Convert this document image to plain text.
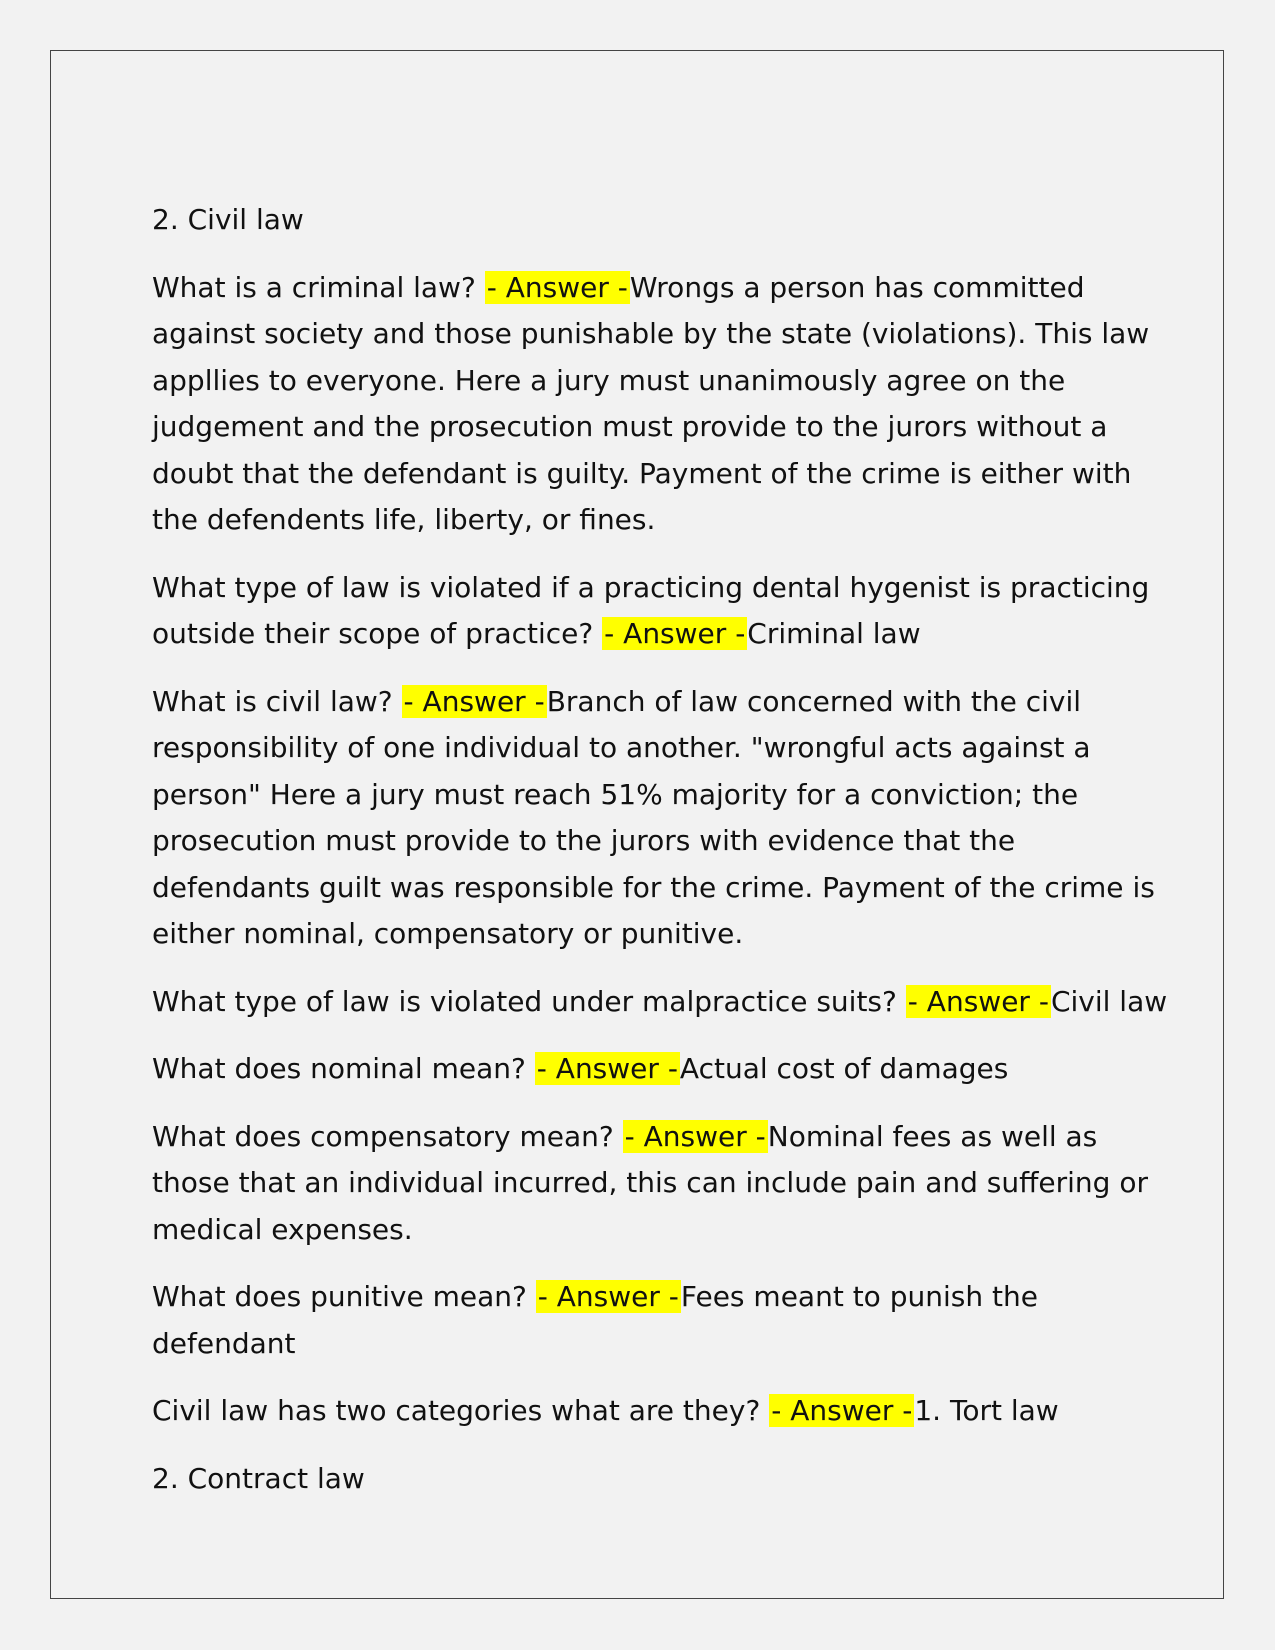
2. Civil law

What is a criminal law? - Answer -Wrongs a person has committed against society and those punishable by the state (violations). This law appllies to everyone. Here a jury must unanimously agree on the judgement and the prosecution must provide to the jurors without a doubt that the defendant is guilty. Payment of the crime is either with the defendents life, liberty, or fines.

What type of law is violated if a practicing dental hygenist is practicing outside their scope of practice? - Answer -Criminal law

What is civil law? - Answer -Branch of law concerned with the civil responsibility of one individual to another. "wrongful acts against a person" Here a jury must reach 51% majority for a conviction; the prosecution must provide to the jurors with evidence that the defendants guilt was responsible for the crime. Payment of the crime is either nominal, compensatory or punitive.

What type of law is violated under malpractice suits? - Answer -Civil law

What does nominal mean? - Answer -Actual cost of damages

What does compensatory mean? - Answer -Nominal fees as well as those that an individual incurred, this can include pain and suffering or medical expenses.

What does punitive mean? - Answer -Fees meant to punish the defendant

Civil law has two categories what are they? - Answer -1. Tort law

2. Contract law
